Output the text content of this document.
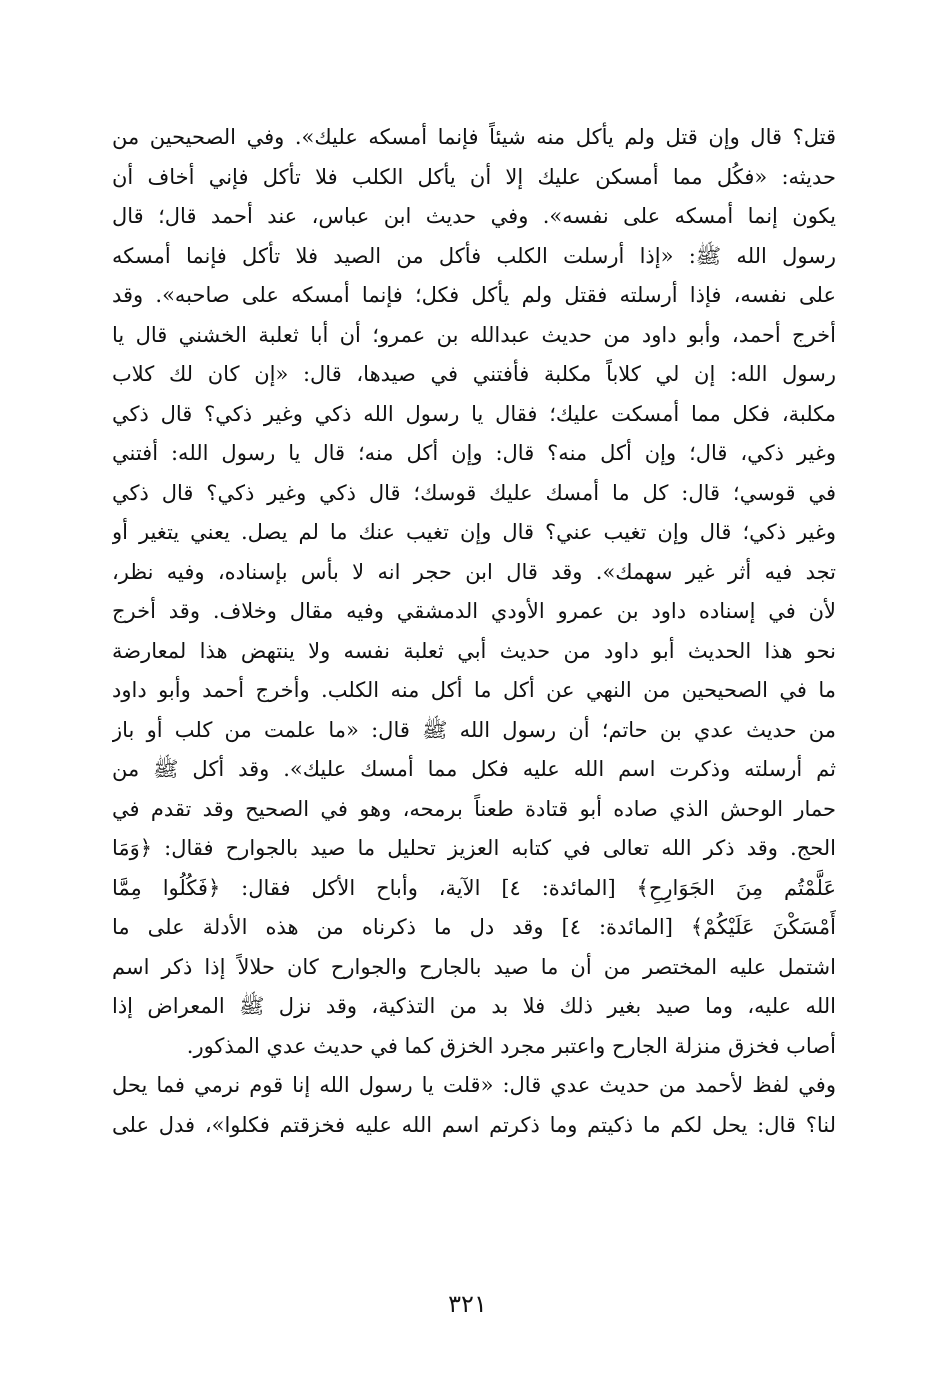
قتل؟ قال وإن قتل ولم يأكل منه شيئاً فإنما أمسكه عليك». وفي الصحيحين من
حديثه: «فكُل مما أمسكن عليك إلا أن يأكل الكلب فلا تأكل فإني أخاف أن
يكون إنما أمسكه على نفسه». وفي حديث ابن عباس، عند أحمد قال؛ قال
رسول الله ﷺ: «إذا أرسلت الكلب فأكل من الصيد فلا تأكل فإنما أمسكه
على نفسه، فإذا أرسلته فقتل ولم يأكل فكل؛ فإنما أمسكه على صاحبه». وقد
أخرج أحمد، وأبو داود من حديث عبدالله بن عمرو؛ أن أبا ثعلبة الخشني قال يا
رسول الله: إن لي كلاباً مكلبة فأفتني في صيدها، قال: «إن كان لك كلاب
مكلبة، فكل مما أمسكت عليك؛ فقال يا رسول الله ذكي وغير ذكي؟ قال ذكي
وغير ذكي، قال؛ وإن أكل منه؟ قال: وإن أكل منه؛ قال يا رسول الله: أفتني
في قوسي؛ قال: كل ما أمسك عليك قوسك؛ قال ذكي وغير ذكي؟ قال ذكي
وغير ذكي؛ قال وإن تغيب عني؟ قال وإن تغيب عنك ما لم يصل. يعني يتغير أو
تجد فيه أثر غير سهمك». وقد قال ابن حجر انه لا بأس بإسناده، وفيه نظر،
لأن في إسناده داود بن عمرو الأودي الدمشقي وفيه مقال وخلاف. وقد أخرج
نحو هذا الحديث أبو داود من حديث أبي ثعلبة نفسه ولا ينتهض هذا لمعارضة
ما في الصحيحين من النهي عن أكل ما أكل منه الكلب. وأخرج أحمد وأبو داود
من حديث عدي بن حاتم؛ أن رسول الله ﷺ قال: «ما علمت من كلب أو باز
ثم أرسلته وذكرت اسم الله عليه فكل مما أمسك عليك». وقد أكل ﷺ من
حمار الوحش الذي صاده أبو قتادة طعناً برمحه، وهو في الصحيح وقد تقدم في
الحج. وقد ذكر الله تعالى في كتابه العزيز تحليل ما صيد بالجوارح فقال: ﴿وَمَا
عَلَّمْتُم مِنَ الجَوَارِحِ﴾ [المائدة: ٤] الآية، وأباح الأكل فقال: ﴿فَكُلُوا مِمَّا
أَمْسَكْنَ عَلَيْكُمْ﴾ [المائدة: ٤] وقد دل ما ذكرناه من هذه الأدلة على ما
اشتمل عليه المختصر من أن ما صيد بالجارح والجوارح كان حلالاً إذا ذكر اسم
الله عليه، وما صيد بغير ذلك فلا بد من التذكية، وقد نزل ﷺ المعراض إذا
أصاب فخزق منزلة الجارح واعتبر مجرد الخزق كما في حديث عدي المذكور.
وفي لفظ لأحمد من حديث عدي قال: «قلت يا رسول الله إنا قوم نرمي فما يحل
لنا؟ قال: يحل لكم ما ذكيتم وما ذكرتم اسم الله عليه فخزقتم فكلوا»، فدل على
٣٢١
